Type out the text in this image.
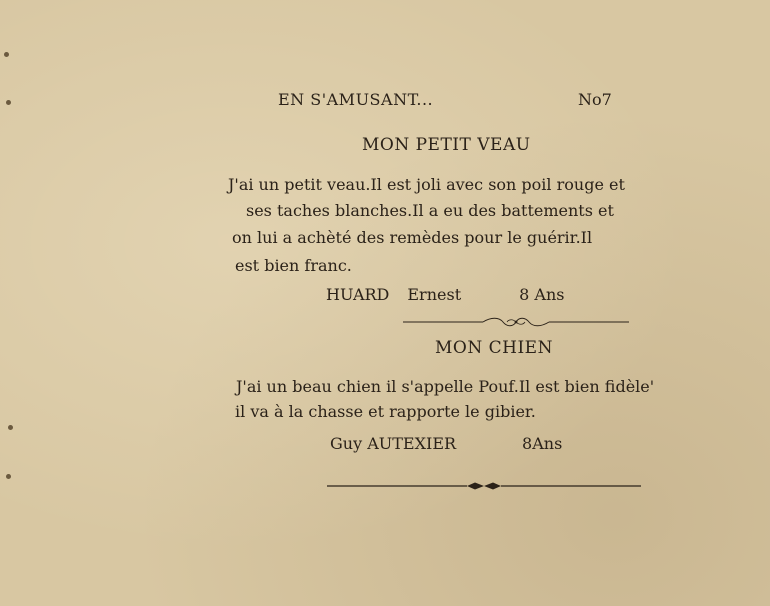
EN S'AMUSANT...	No7
MON PETIT VEAU
J'ai un petit veau.Il est joli avec son poil rouge et
ses taches blanches.Il a eu des battements et
on lui a achèté des remèdes pour le guérir.Il
est bien franc.
HUARD Ernest	8 Ans
MON CHIEN
J'ai un beau chien il s'appelle Pouf.Il est bien fidèle'
il va à la chasse et rapporte le gibier.
Guy AUTEXIER	8Ans
